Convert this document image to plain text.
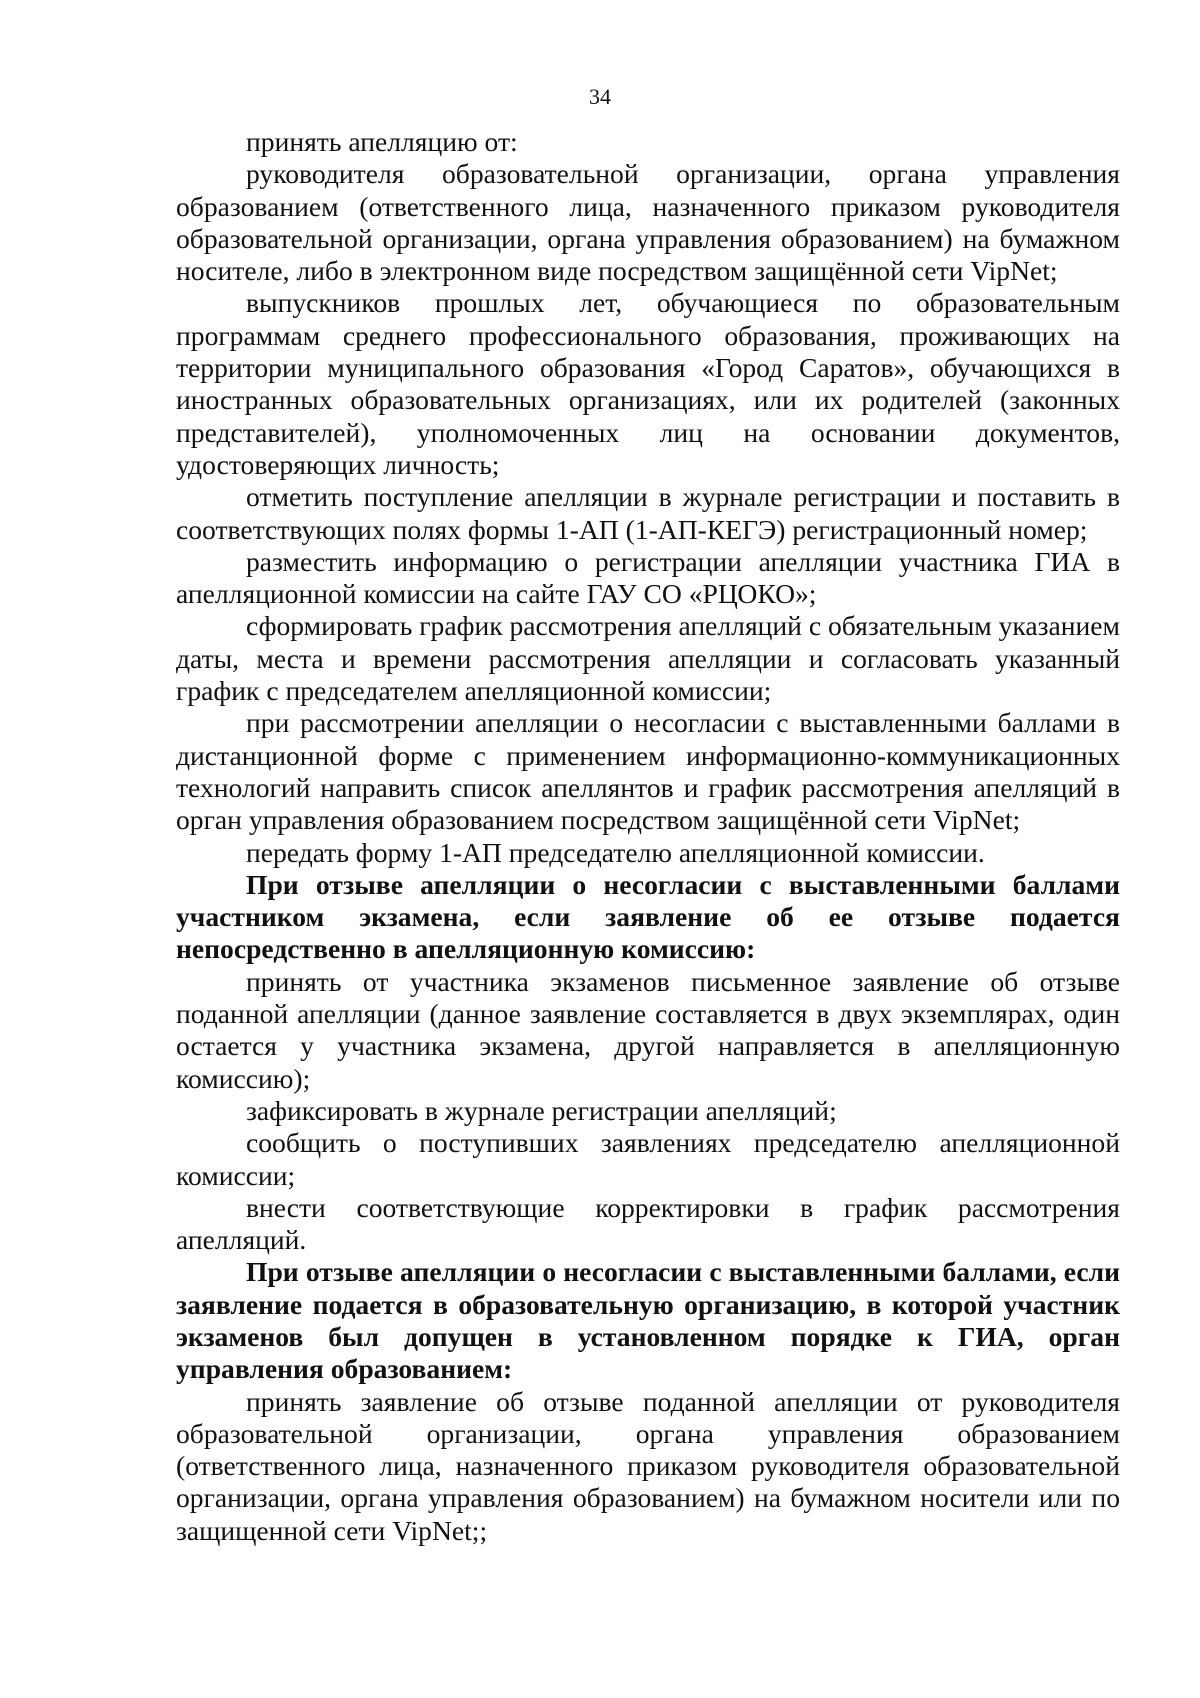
34

принять апелляцию от:

руководителя образовательной организации, органа управления образованием (ответственного лица, назначенного приказом руководителя образовательной организации, органа управления образованием) на бумажном носителе, либо в электронном виде посредством защищённой сети VipNet;

выпускников прошлых лет, обучающиеся по образовательным программам среднего профессионального образования, проживающих на территории муниципального образования «Город Саратов», обучающихся в иностранных образовательных организациях, или их родителей (законных представителей), уполномоченных лиц на основании документов, удостоверяющих личность;

отметить поступление апелляции в журнале регистрации и поставить в соответствующих полях формы 1-АП (1-АП-КЕГЭ) регистрационный номер;

разместить информацию о регистрации апелляции участника ГИА в апелляционной комиссии на сайте ГАУ СО «РЦОКО»;

сформировать график рассмотрения апелляций с обязательным указанием даты, места и времени рассмотрения апелляции и согласовать указанный график с председателем апелляционной комиссии;

при рассмотрении апелляции о несогласии с выставленными баллами в дистанционной форме с применением информационно-коммуникационных технологий направить список апеллянтов и график рассмотрения апелляций в орган управления образованием посредством защищённой сети VipNet;

передать форму 1-АП председателю апелляционной комиссии.

При отзыве апелляции о несогласии с выставленными баллами участником экзамена, если заявление об ее отзыве подается непосредственно в апелляционную комиссию:

принять от участника экзаменов письменное заявление об отзыве поданной апелляции (данное заявление составляется в двух экземплярах, один остается у участника экзамена, другой направляется в апелляционную комиссию);

зафиксировать в журнале регистрации апелляций;

сообщить о поступивших заявлениях председателю апелляционной комиссии;

внести соответствующие корректировки в график рассмотрения апелляций.

При отзыве апелляции о несогласии с выставленными баллами, если заявление подается в образовательную организацию, в которой участник экзаменов был допущен в установленном порядке к ГИА, орган управления образованием:

принять заявление об отзыве поданной апелляции от руководителя образовательной организации, органа управления образованием (ответственного лица, назначенного приказом руководителя образовательной организации, органа управления образованием) на бумажном носители или по защищенной сети VipNet;;
